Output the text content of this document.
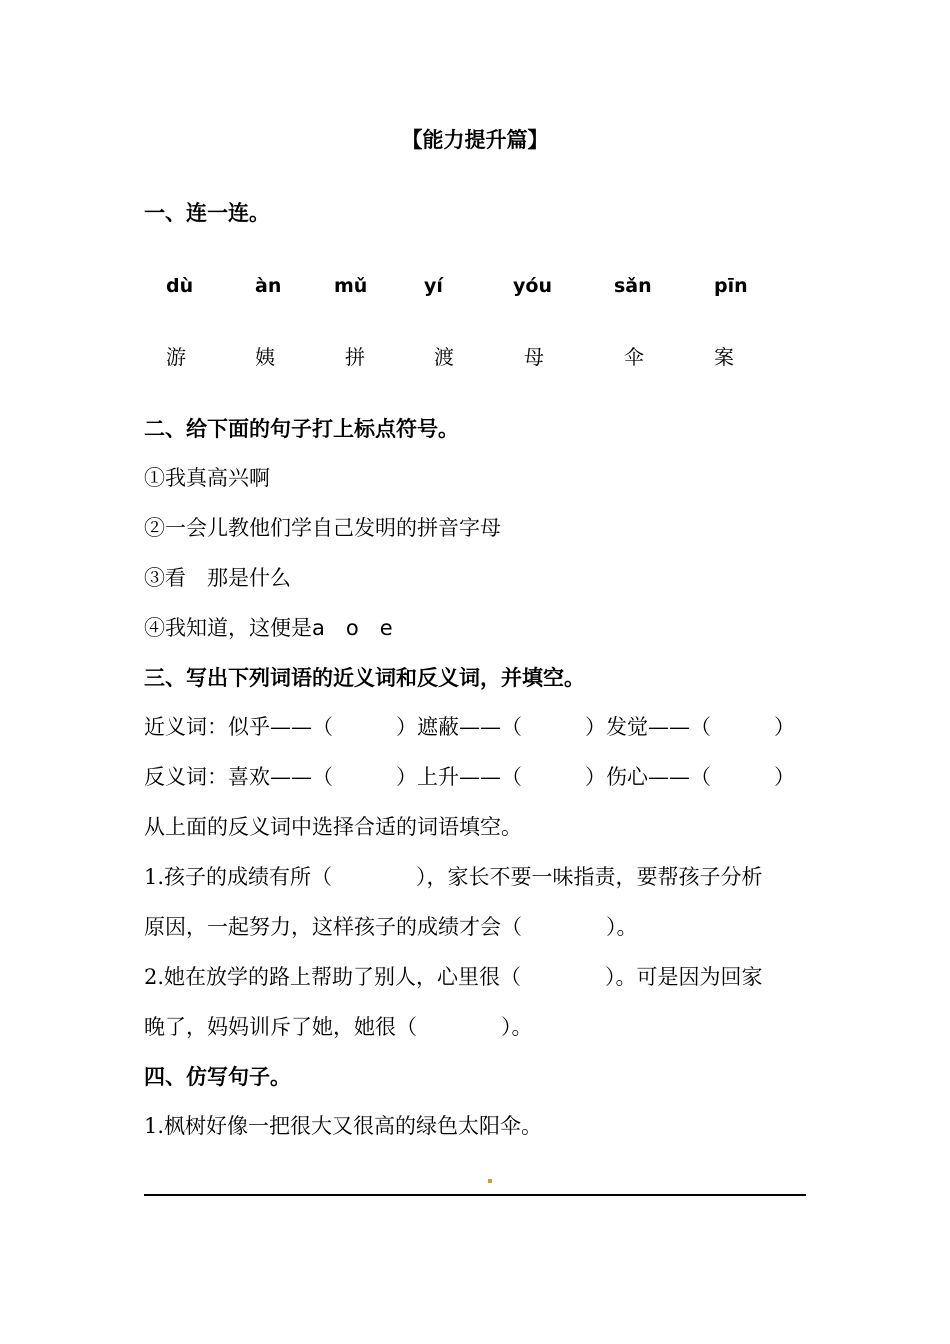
【能力提升篇】
一、连一连。
dù	àn	mǔ	yí	yóu	sǎn	pīn
游	姨	拼	渡	母	伞	案
二、给下面的句子打上标点符号。
①我真高兴啊
②一会儿教他们学自己发明的拼音字母
③看　那是什么
④我知道，这便是a　o　e
三、写出下列词语的近义词和反义词，并填空。
近义词：似乎——（　　　）遮蔽——（　　　）发觉——（　　　）
反义词：喜欢——（　　　）上升——（　　　）伤心——（　　　）
从上面的反义词中选择合适的词语填空。
1.孩子的成绩有所（　　　　），家长不要一味指责，要帮孩子分析
原因，一起努力，这样孩子的成绩才会（　　　　）。
2.她在放学的路上帮助了别人，心里很（　　　　）。可是因为回家
晚了，妈妈训斥了她，她很（　　　　）。
四、仿写句子。
1.枫树好像一把很大又很高的绿色太阳伞。
